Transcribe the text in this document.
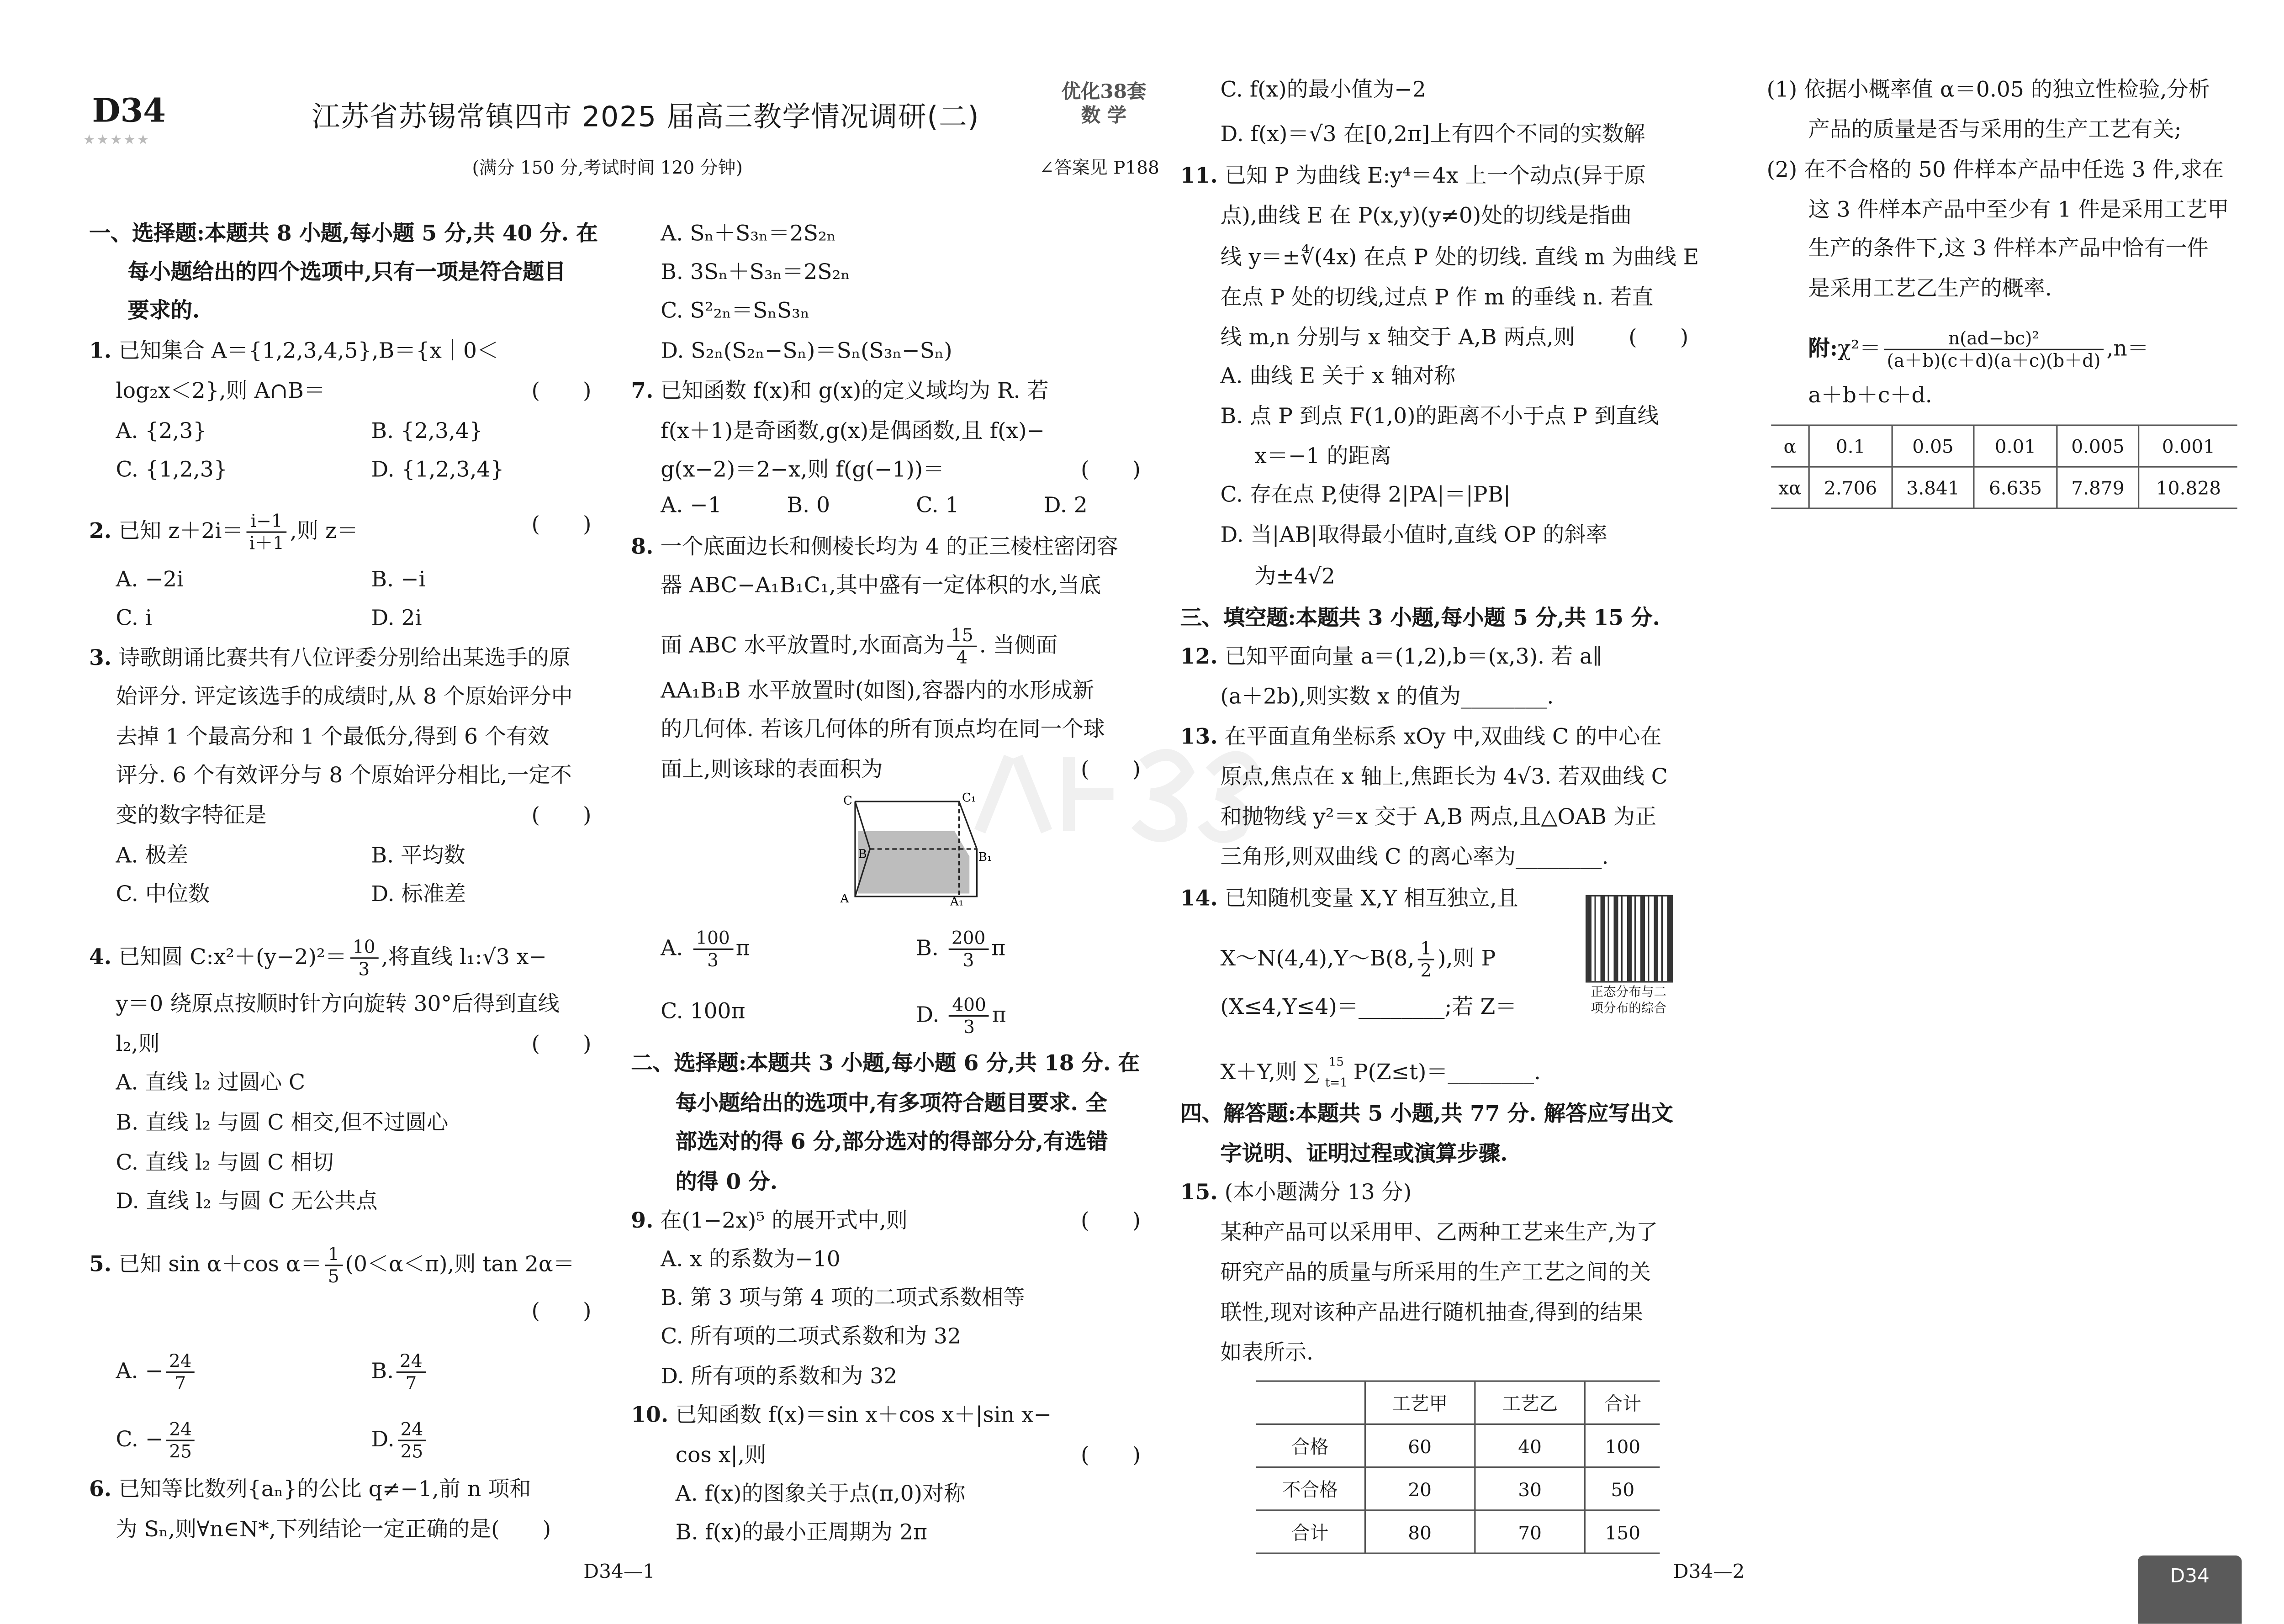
D34
★★★★★
江苏省苏锡常镇四市 2025 届高三教学情况调研(二)
优化38套
数 学
(满分 150 分,考试时间 120 分钟)	∠答案见 P188
一、选择题:本题共 8 小题,每小题 5 分,共 40 分. 在
每小题给出的四个选项中,只有一项是符合题目
要求的.
1. 已知集合 A＝{1,2,3,4,5},B＝{x｜0＜
log₂x＜2},则 A∩B＝	(　　)
A. {2,3}	B. {2,3,4}
C. {1,2,3}	D. {1,2,3,4}
2. 已知 $z+2i= \frac{i-1}{i+1}$ ,则 z＝	(　　)
A. −2i	B. −i
C. i	D. 2i
3. 诗歌朗诵比赛共有八位评委分别给出某选手的原
始评分. 评定该选手的成绩时,从 8 个原始评分中
去掉 1 个最高分和 1 个最低分,得到 6 个有效
评分. 6 个有效评分与 8 个原始评分相比,一定不
变的数字特征是	(　　)
A. 极差	B. 平均数
C. 中位数	D. 标准差
4. 已知圆 C:x²＋(y−2)²＝ $\frac{10}{3}$ ,将直线 l₁:√3 x−
y＝0 绕原点按顺时针方向旋转 30°后得到直线
l₂,则	(　　)
A. 直线 l₂ 过圆心 C
B. 直线 l₂ 与圆 C 相交,但不过圆心
C. 直线 l₂ 与圆 C 相切
D. 直线 l₂ 与圆 C 无公共点
5. 已知 sin α＋cos $\alpha= \frac{1}{5} (0<\alpha<\pi)$,则 tan 2α＝
(　　)
A. − $\frac{24}{7}$	B. $\frac{24}{7}$
C. − $\frac{24}{25}$	D. $\frac{24}{25}$
6. 已知等比数列{aₙ}的公比 q≠−1,前 n 项和
为 Sₙ,则∀n∈N*,下列结论一定正确的是(　　)
A. Sₙ＋S₃ₙ＝2S₂ₙ
B. 3Sₙ＋S₃ₙ＝2S₂ₙ
C. S²₂ₙ＝SₙS₃ₙ
D. S₂ₙ(S₂ₙ−Sₙ)＝Sₙ(S₃ₙ−Sₙ)
7. 已知函数 f(x)和 g(x)的定义域均为 R. 若
f(x＋1)是奇函数,g(x)是偶函数,且 f(x)−
g(x−2)＝2−x,则 f(g(−1))＝	(　　)
A. −1	B. 0	C. 1	D. 2
8. 一个底面边长和侧棱长均为 4 的正三棱柱密闭容
器 ABC−A₁B₁C₁,其中盛有一定体积的水,当底
面 ABC 水平放置时,水面高为 $\frac{15}{4}$ . 当侧面
AA₁B₁B 水平放置时(如图),容器内的水形成新
的几何体. 若该几何体的所有顶点均在同一个球
面上,则该球的表面积为	(　　)
C	C₁
B	B₁
A	A₁
A. $\frac{100}{3}$ π	B. $\frac{200}{3}$ π
C. 100π	D. $\frac{400}{3}$ π
二、选择题:本题共 3 小题,每小题 6 分,共 18 分. 在
每小题给出的选项中,有多项符合题目要求. 全
部选对的得 6 分,部分选对的得部分分,有选错
的得 0 分.
9. 在(1−2x)⁵ 的展开式中,则	(　　)
A. x 的系数为−10
B. 第 3 项与第 4 项的二项式系数相等
C. 所有项的二项式系数和为 32
D. 所有项的系数和为 32
10. 已知函数 f(x)＝sin x＋cos x＋|sin x−
cos x|,则	(　　)
A. f(x)的图象关于点(π,0)对称
B. f(x)的最小正周期为 2π
D34—1
C. f(x)的最小值为−2
D. f(x)＝√3 在[0,2π]上有四个不同的实数解
11. 已知 P 为曲线 E:y⁴＝4x 上一个动点(异于原
点),曲线 E 在 P(x,y)(y≠0)处的切线是指曲
线 y＝±∜(4x) 在点 P 处的切线. 直线 m 为曲线 E
在点 P 处的切线,过点 P 作 m 的垂线 n. 若直
线 m,n 分别与 x 轴交于 A,B 两点,则	(　　)
A. 曲线 E 关于 x 轴对称
B. 点 P 到点 F(1,0)的距离不小于点 P 到直线
x＝−1 的距离
C. 存在点 P,使得 2|PA|＝|PB|
D. 当|AB|取得最小值时,直线 OP 的斜率
为±4√2
三、填空题:本题共 3 小题,每小题 5 分,共 15 分.
12. 已知平面向量 a＝(1,2),b＝(x,3). 若 a∥
(a＋2b),则实数 x 的值为________.
13. 在平面直角坐标系 xOy 中,双曲线 C 的中心在
原点,焦点在 x 轴上,焦距长为 4√3. 若双曲线 C
和抛物线 y²＝x 交于 A,B 两点,且△OAB 为正
三角形,则双曲线 C 的离心率为________.
14. 已知随机变量 X,Y 相互独立,且
X～N(4,4),Y～B(8, $\frac{1}{2}$ ),则 P
(X≤4,Y≤4)＝________;若 Z＝
X＋Y,则 ∑	15
t=1 P(Z≤t)＝________.
正态分布与二
项分布的综合
四、解答题:本题共 5 小题,共 77 分. 解答应写出文
字说明、证明过程或演算步骤.
15. (本小题满分 13 分)
某种产品可以采用甲、乙两种工艺来生产,为了
研究产品的质量与所采用的生产工艺之间的关
联性,现对该种产品进行随机抽查,得到的结果
如表所示.
	工艺甲	工艺乙	合计
合格	60	40	100
不合格	20	30	50
合计	80	70	150
D34—2
(1) 依据小概率值 α＝0.05 的独立性检验,分析
产品的质量是否与采用的生产工艺有关;
(2) 在不合格的 50 件样本产品中任选 3 件,求在
这 3 件样本产品中至少有 1 件是采用工艺甲
生产的条件下,这 3 件样本产品中恰有一件
是采用工艺乙生产的概率.
附:χ²＝ $\frac{\text{n(ad−bc)²}}{(a+b)(c+d)(a+c)(b+d)} ,n=$
a＋b＋c＋d.
α	0.1	0.05	0.01	0.005	0.001
xα	2.706	3.841	6.635	7.879	10.828
D34
